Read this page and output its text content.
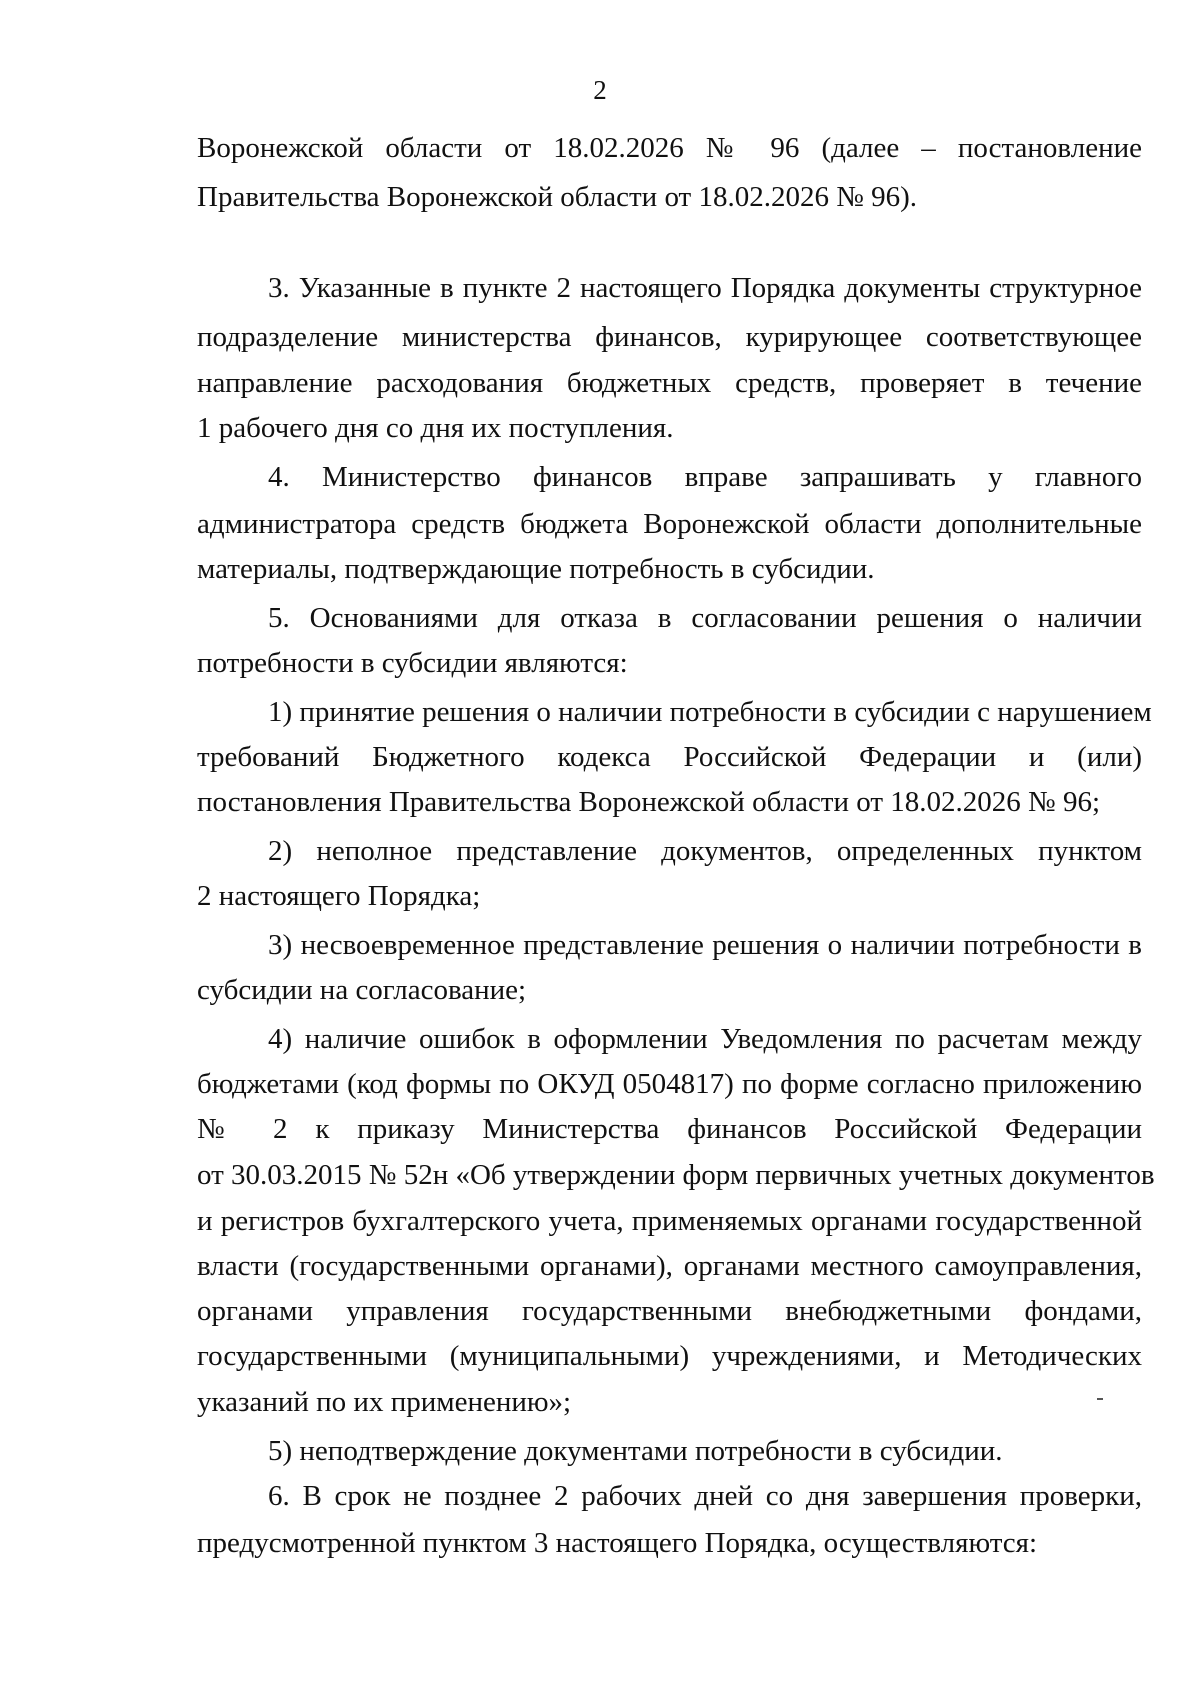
2
Воронежской области от 18.02.2026 № 96 (далее – постановление
Правительства Воронежской области от 18.02.2026 № 96).
3. Указанные в пункте 2 настоящего Порядка документы структурное
подразделение министерства финансов, курирующее соответствующее
направление расходования бюджетных средств, проверяет в течение
1 рабочего дня со дня их поступления.
4. Министерство финансов вправе запрашивать у главного
администратора средств бюджета Воронежской области дополнительные
материалы, подтверждающие потребность в субсидии.
5. Основаниями для отказа в согласовании решения о наличии
потребности в субсидии являются:
1) принятие решения о наличии потребности в субсидии с нарушением
требований Бюджетного кодекса Российской Федерации и (или)
постановления Правительства Воронежской области от 18.02.2026 № 96;
2) неполное представление документов, определенных пунктом
2 настоящего Порядка;
3) несвоевременное представление решения о наличии потребности в
субсидии на согласование;
4) наличие ошибок в оформлении Уведомления по расчетам между
бюджетами (код формы по ОКУД 0504817) по форме согласно приложению
№ 2 к приказу Министерства финансов Российской Федерации
от 30.03.2015 № 52н «Об утверждении форм первичных учетных документов
и регистров бухгалтерского учета, применяемых органами государственной
власти (государственными органами), органами местного самоуправления,
органами управления государственными внебюджетными фондами,
государственными (муниципальными) учреждениями, и Методических
указаний по их применению»;
5) неподтверждение документами потребности в субсидии.
6. В срок не позднее 2 рабочих дней со дня завершения проверки,
предусмотренной пунктом 3 настоящего Порядка, осуществляются:
